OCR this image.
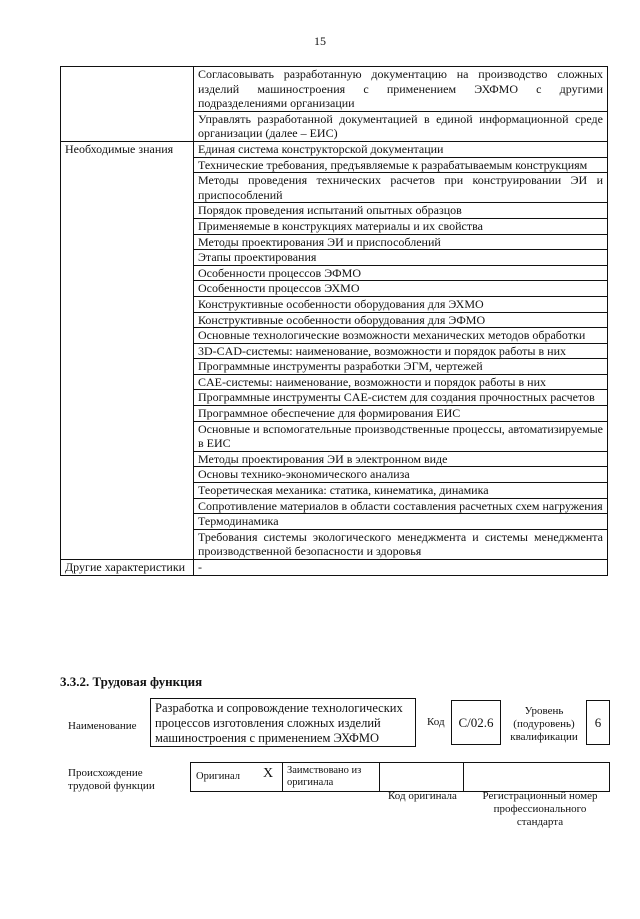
15
	Согласовывать разработанную документацию на производство сложных изделий машиностроения с применением ЭХФМО с другими подразделениями организации
	Управлять разработанной документацией в единой информационной среде организации (далее – ЕИС)
Необходимые знания	Единая система конструкторской документации
	Технические требования, предъявляемые к разрабатываемым конструкциям
	Методы проведения технических расчетов при конструировании ЭИ и приспособлений
	Порядок проведения испытаний опытных образцов
	Применяемые в конструкциях материалы и их свойства
	Методы проектирования ЭИ и приспособлений
	Этапы проектирования
	Особенности процессов ЭФМО
	Особенности процессов ЭХМО
	Конструктивные особенности оборудования для ЭХМО
	Конструктивные особенности оборудования для ЭФМО
	Основные технологические возможности механических методов обработки
	3D-CAD-системы: наименование, возможности и порядок работы в них
	Программные инструменты разработки ЭГМ, чертежей
	CAE-системы: наименование, возможности и порядок работы в них
	Программные инструменты CAE-систем для создания прочностных расчетов
	Программное обеспечение для формирования ЕИС
	Основные и вспомогательные производственные процессы, автоматизируемые в ЕИС
	Методы проектирования ЭИ в электронном виде
	Основы технико-экономического анализа
	Теоретическая механика: статика, кинематика, динамика
	Сопротивление материалов в области составления расчетных схем нагружения
	Термодинамика
	Требования системы экологического менеджмента и системы менеджмента производственной безопасности и здоровья
Другие характеристики	-
3.3.2. Трудовая функция
Наименование
Разработка и сопровождение технологических процессов изготовления сложных изделий машиностроения с применением ЭХФМО
Код	C/02.6
Уровень (подуровень) квалификации
6
Происхождение трудовой функции
Оригинал X	Заимствовано из оригинала
Код оригинала	Регистрационный номер профессионального стандарта
